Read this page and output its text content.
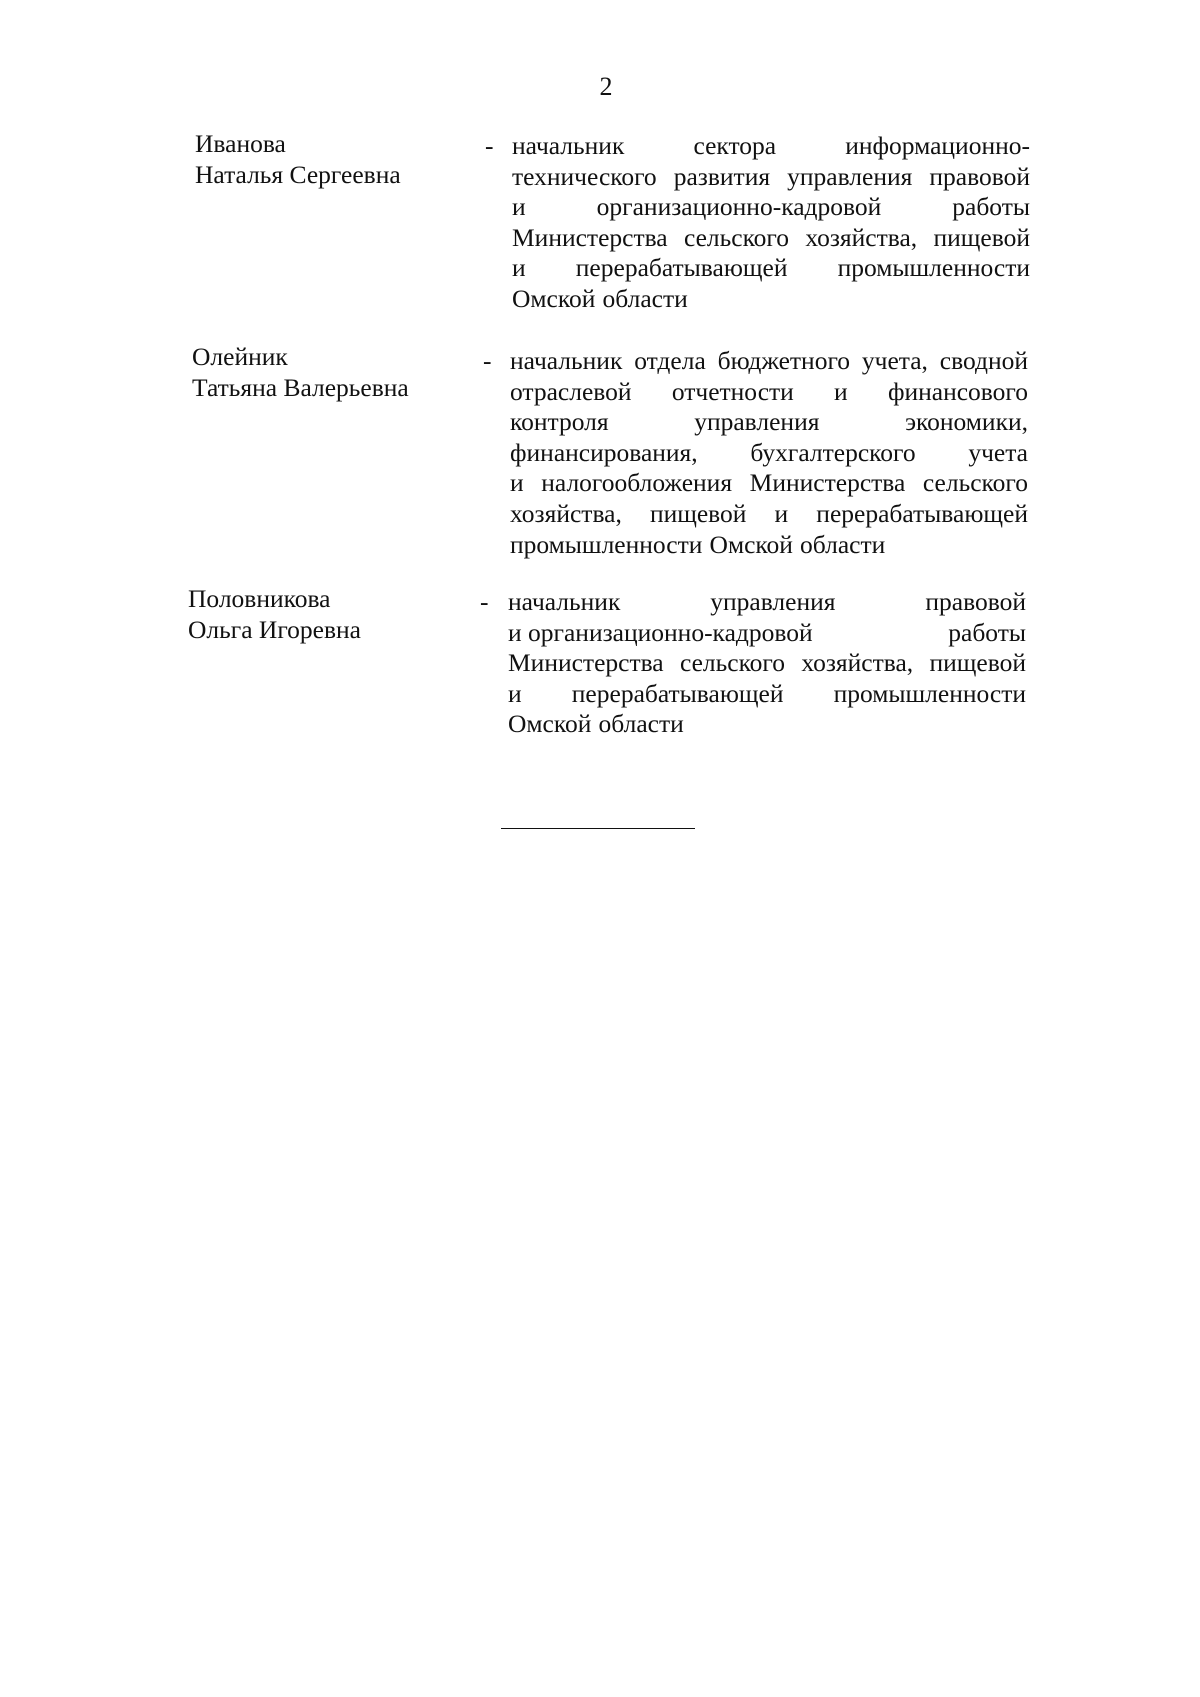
2
Иванова
Наталья Сергеевна
- начальник	сектора	информационно-
технического развития управления правовой
и	организационно-кадровой	работы
Министерства сельского хозяйства, пищевой
и перерабатывающей промышленности
Омской области
Олейник
Татьяна Валерьевна
- начальник отдела бюджетного учета, сводной
отраслевой отчетности и финансового
контроля	управления	экономики,
финансирования, бухгалтерского учета
и налогообложения Министерства сельского
хозяйства, пищевой и перерабатывающей
промышленности Омской области
Половникова
Ольга Игоревна
- начальник	управления	правовой
и организационно-кадровой	работы
Министерства сельского хозяйства, пищевой
и перерабатывающей промышленности
Омской области
